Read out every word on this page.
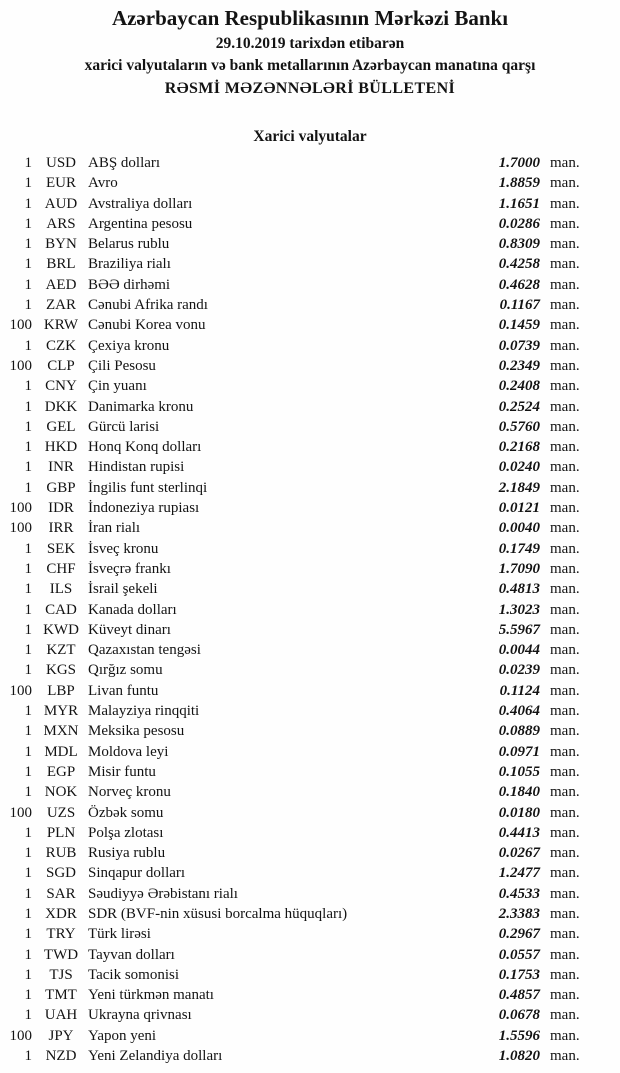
Azərbaycan Respublikasının Mərkəzi Bankı
29.10.2019 tarixdən etibarən
xarici valyutaların və bank metallarının Azərbaycan manatına qarşı
RƏSMİ MƏZƏNNƏLƏRİ BÜLLETENİ
Xarici valyutalar
1 USD ABŞ dolları	1.7000 man.
1 EUR Avro	1.8859 man.
1 AUD Avstraliya dolları	1.1651 man.
1 ARS Argentina pesosu	0.0286 man.
1 BYN Belarus rublu	0.8309 man.
1 BRL Braziliya rialı	0.4258 man.
1 AED BƏƏ dirhəmi	0.4628 man.
1 ZAR Cənubi Afrika randı	0.1167 man.
100 KRW Cənubi Korea vonu	0.1459 man.
1 CZK Çexiya kronu	0.0739 man.
100	CLP Çili Pesosu	0.2349 man.
1 CNY Çin yuanı	0.2408 man.
1 DKK Danimarka kronu	0.2524 man.
1 GEL Gürcü larisi	0.5760 man.
1 HKD Honq Konq dolları	0.2168 man.
1	INR Hindistan rupisi	0.0240 man.
1 GBP İngilis funt sterlinqi	2.1849 man.
100	IDR İndoneziya rupiası	0.0121 man.
100	IRR İran rialı	0.0040 man.
1 SEK İsveç kronu	0.1749 man.
1 CHF İsveçrə frankı	1.7090 man.
1	ILS	İsrail şekeli	0.4813 man.
1 CAD Kanada dolları	1.3023 man.
1 KWD Küveyt dinarı	5.5967 man.
1 KZT Qazaxıstan tengəsi	0.0044 man.
1 KGS Qırğız somu	0.0239 man.
100	LBP Livan funtu	0.1124 man.
1 MYR Malayziya rinqqiti	0.4064 man.
1 MXN Meksika pesosu	0.0889 man.
1 MDL Moldova leyi	0.0971 man.
1 EGP Misir funtu	0.1055 man.
1 NOK Norveç kronu	0.1840 man.
100 UZS Özbək somu	0.0180 man.
1 PLN Polşa zlotası	0.4413 man.
1 RUB Rusiya rublu	0.0267 man.
1 SGD Sinqapur dolları	1.2477 man.
1 SAR Səudiyyə Ərəbistanı rialı	0.4533 man.
1 XDR SDR (BVF-nin xüsusi borcalma hüquqları)	2.3383 man.
1 TRY Türk lirəsi	0.2967 man.
1 TWD Tayvan dolları	0.0557 man.
1	TJS	Tacik somonisi	0.1753 man.
1 TMT Yeni türkmən manatı	0.4857 man.
1 UAH Ukrayna qrivnası	0.0678 man.
100	JPY Yapon yeni	1.5596 man.
1 NZD Yeni Zelandiya dolları	1.0820 man.
